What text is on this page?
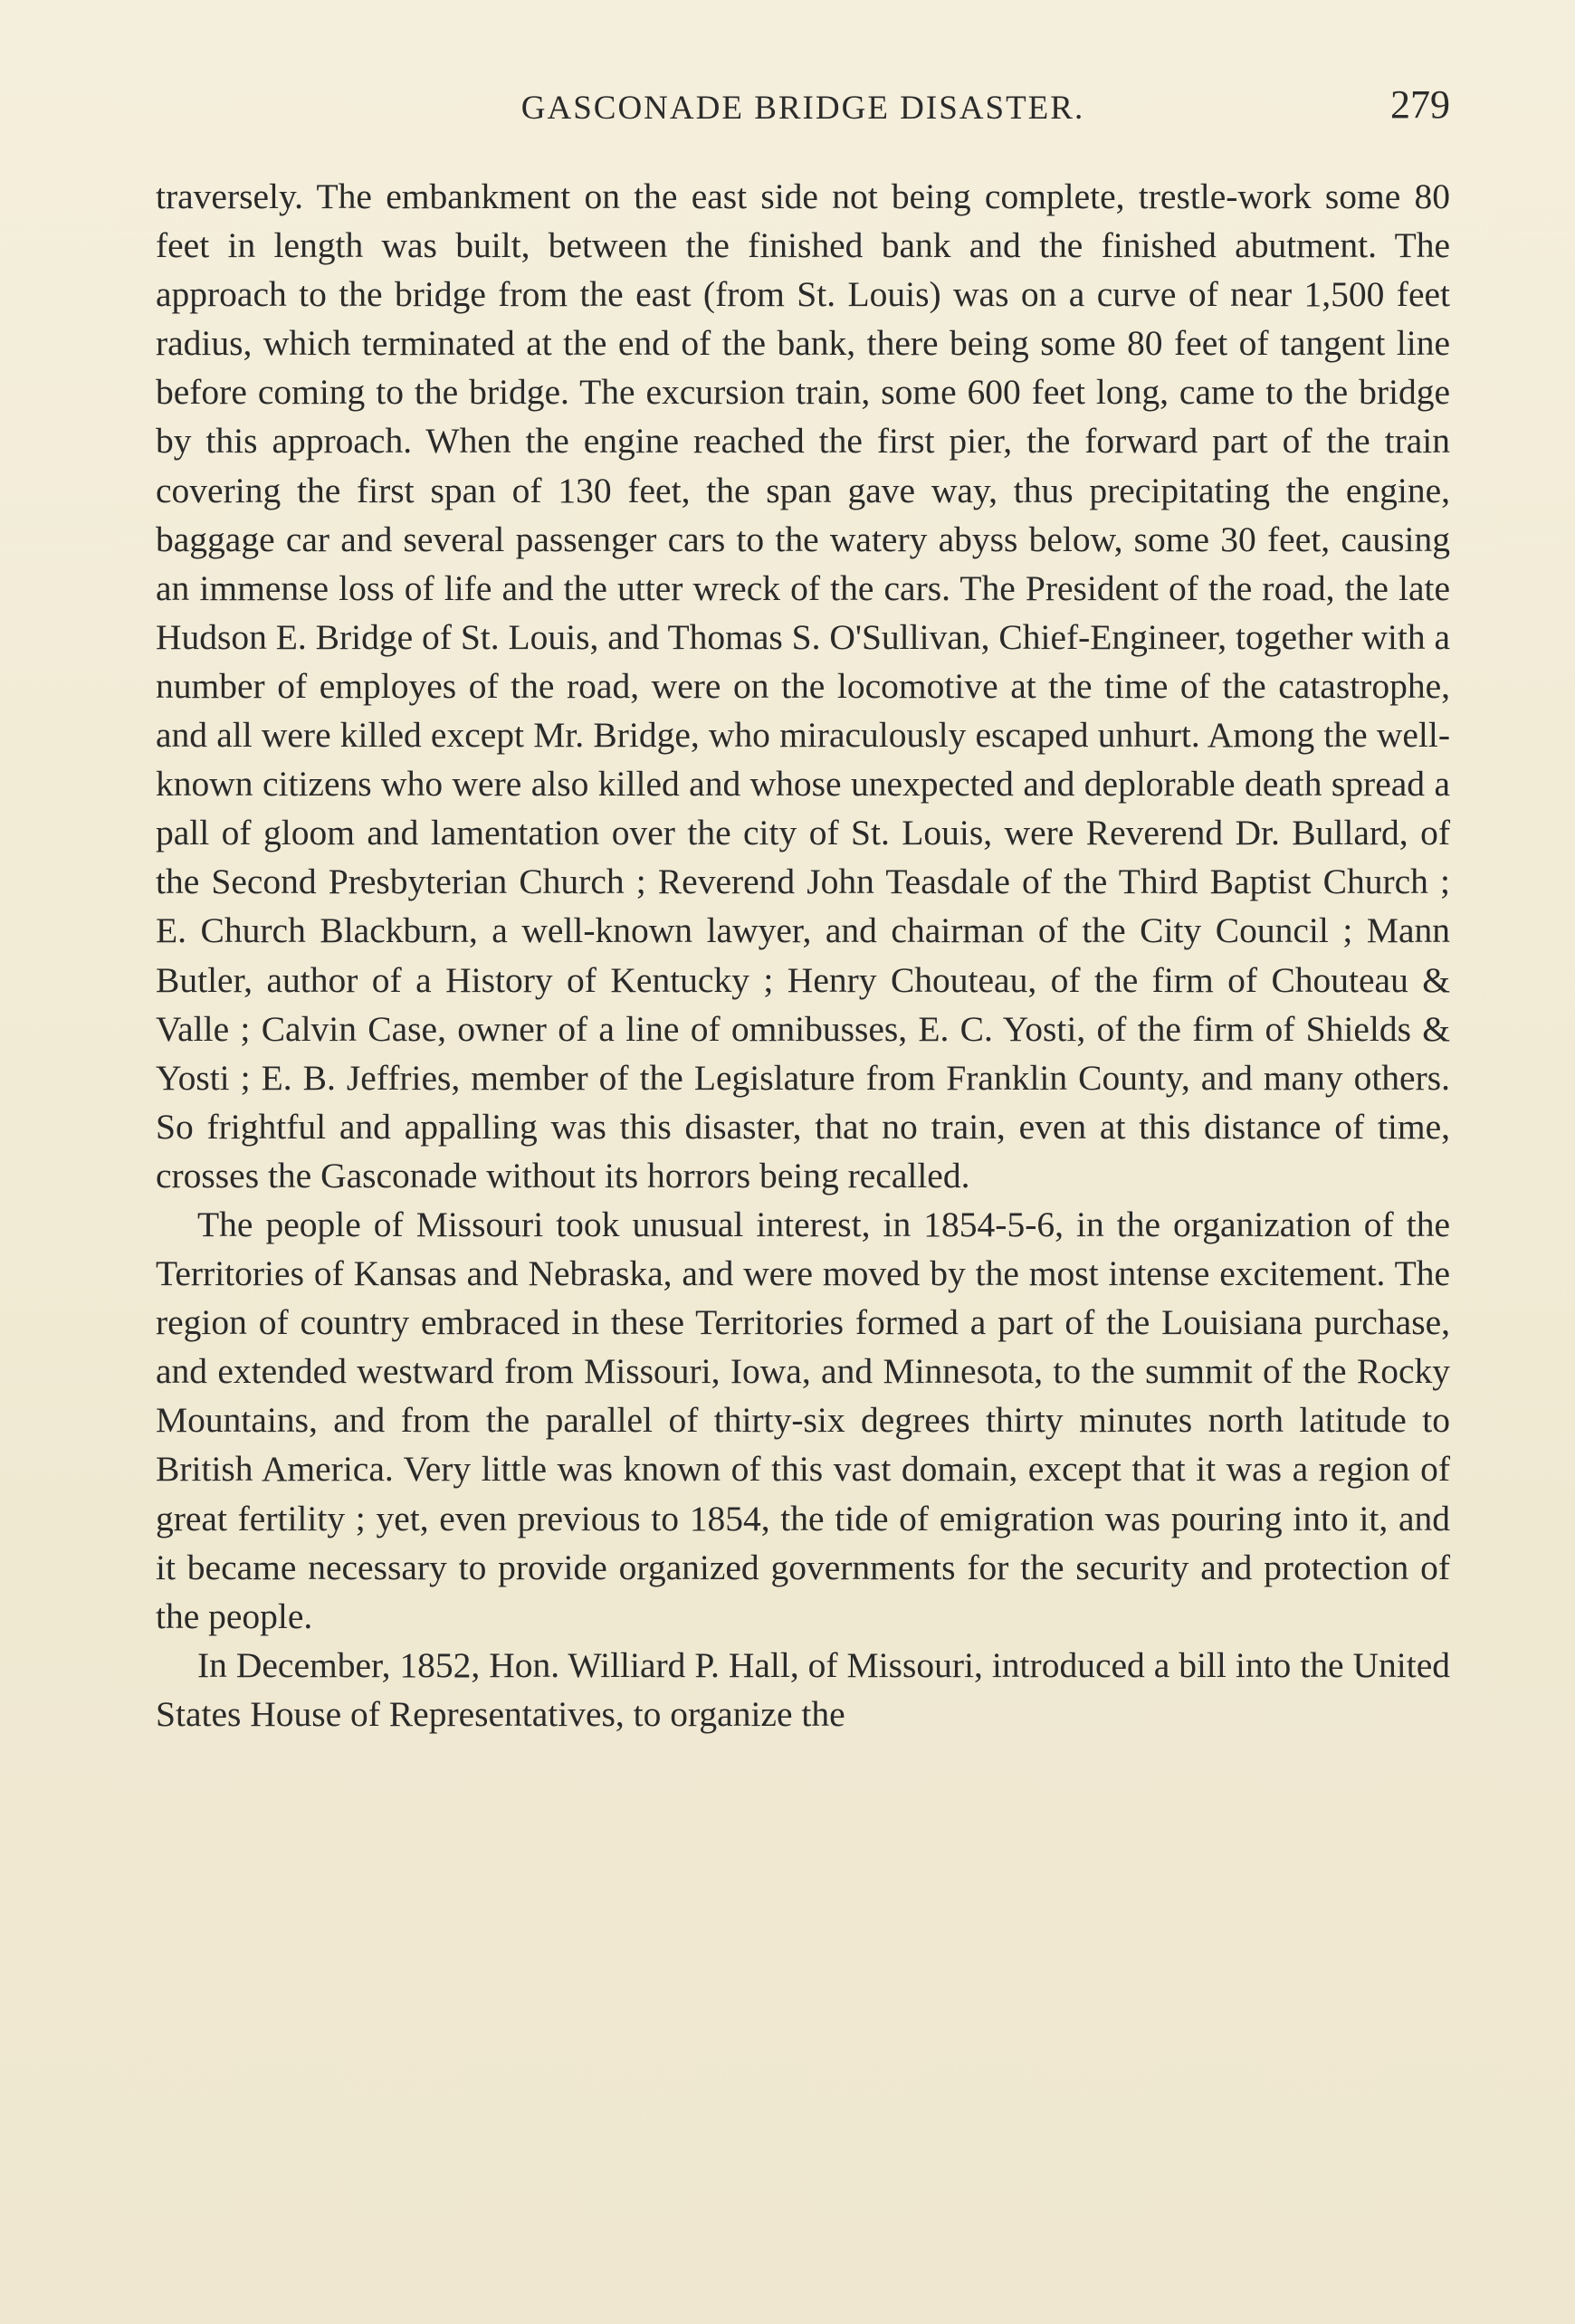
GASCONADE BRIDGE DISASTER.	279

traversely. The embankment on the east side not being complete, trestle-work some 80 feet in length was built, between the finished bank and the finished abutment. The approach to the bridge from the east (from St. Louis) was on a curve of near 1,500 feet radius, which terminated at the end of the bank, there being some 80 feet of tangent line before coming to the bridge. The excursion train, some 600 feet long, came to the bridge by this approach. When the engine reached the first pier, the forward part of the train covering the first span of 130 feet, the span gave way, thus precipitating the engine, baggage car and several passenger cars to the watery abyss below, some 30 feet, causing an immense loss of life and the utter wreck of the cars. The President of the road, the late Hudson E. Bridge of St. Louis, and Thomas S. O'Sullivan, Chief-Engineer, together with a number of employes of the road, were on the locomotive at the time of the catastrophe, and all were killed except Mr. Bridge, who miraculously escaped unhurt. Among the well-known citizens who were also killed and whose unexpected and deplorable death spread a pall of gloom and lamentation over the city of St. Louis, were Reverend Dr. Bullard, of the Second Presbyterian Church ; Reverend John Teasdale of the Third Baptist Church ; E. Church Blackburn, a well-known lawyer, and chairman of the City Council ; Mann Butler, author of a History of Kentucky ; Henry Chouteau, of the firm of Chouteau & Valle ; Calvin Case, owner of a line of omnibusses, E. C. Yosti, of the firm of Shields & Yosti ; E. B. Jeffries, member of the Legislature from Franklin County, and many others. So frightful and appalling was this disaster, that no train, even at this distance of time, crosses the Gasconade without its horrors being recalled.

The people of Missouri took unusual interest, in 1854-5-6, in the organization of the Territories of Kansas and Nebraska, and were moved by the most intense excitement. The region of country embraced in these Territories formed a part of the Louisiana purchase, and extended westward from Missouri, Iowa, and Minnesota, to the summit of the Rocky Mountains, and from the parallel of thirty-six degrees thirty minutes north latitude to British America. Very little was known of this vast domain, except that it was a region of great fertility ; yet, even previous to 1854, the tide of emigration was pouring into it, and it became necessary to provide organized governments for the security and protection of the people.

In December, 1852, Hon. Williard P. Hall, of Missouri, introduced a bill into the United States House of Representatives, to organize the
